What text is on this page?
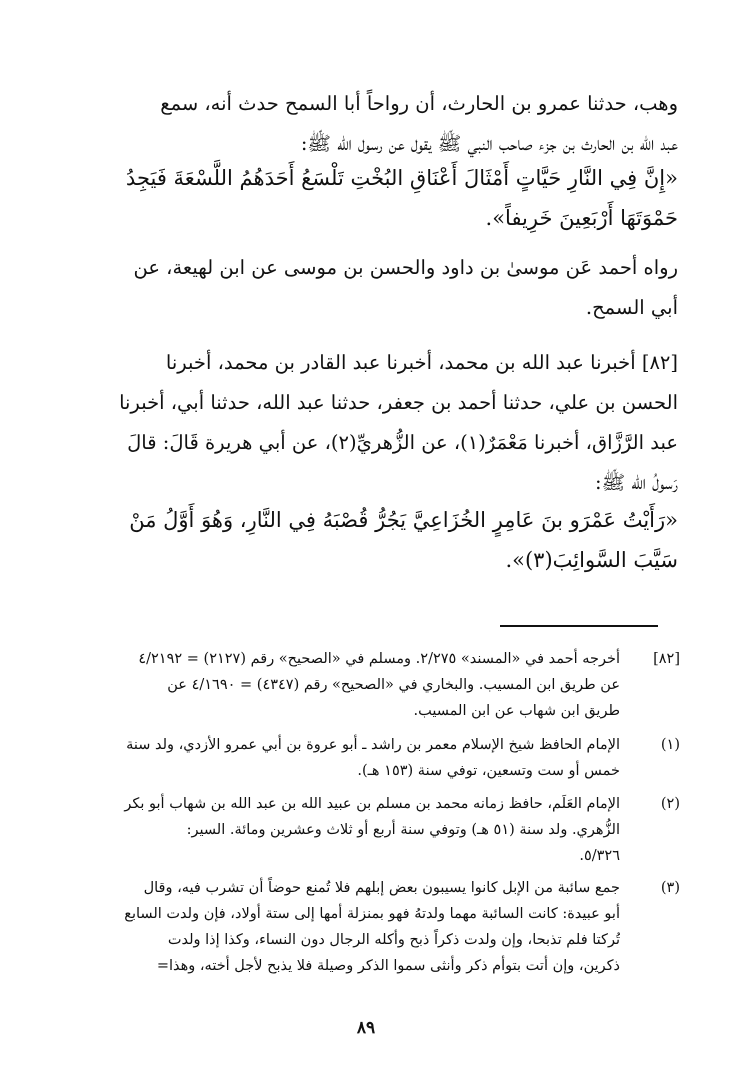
وهب، حدثنا عمرو بن الحارث، أن رواحاً أبا السمح حدث أنه، سمع
عبد الله بن الحارث بن جزء صاحب النبي ﷺ يقول عن رسول الله ﷺ:
«إِنَّ فِي النَّارِ حَيَّاتٍ أَمْثَالَ أَعْنَاقِ البُخْتِ تَلْسَعُ أَحَدَهُمُ اللَّسْعَةَ فَيَجِدُ
حَمْوَتَهَا أَرْبَعِينَ خَرِيفاً».
رواه أحمد عَن موسىٰ بن داود والحسن بن موسى عن ابن لهيعة، عن
أبي السمح.
[٨٢] أخبرنا عبد الله بن محمد، أخبرنا عبد القادر بن محمد، أخبرنا
الحسن بن علي، حدثنا أحمد بن جعفر، حدثنا عبد الله، حدثنا أبي، أخبرنا
عبد الرَّزَّاق، أخبرنا مَعْمَرٌ(١)، عن الزُّهريِّ(٢)، عن أبي هريرة قَالَ: قالَ
رَسولُ الله ﷺ:
«رَأَيْتُ عَمْرَو بنَ عَامِرٍ الخُزَاعِيَّ يَجُرُّ قُصْبَهُ فِي النَّارِ، وَهُوَ أَوَّلُ مَنْ
سَيَّبَ السَّوائِبَ(٣)».
[٨٢]
أخرجه أحمد في «المسند» ٢/٢٧٥. ومسلم في «الصحيح» رقم (٢١٢٧) = ٤/٢١٩٢
عن طريق ابن المسيب. والبخاري في «الصحيح» رقم (٤٣٤٧) = ٤/١٦٩٠ عن
طريق ابن شهاب عن ابن المسيب.
(١)
الإمام الحافظ شيخ الإسلام معمر بن راشد ـ أبو عروة بن أبي عمرو الأزدي، ولد سنة
خمس أو ست وتسعين، توفي سنة (١٥٣ هـ).
(٢)
الإمام العَلَم، حافظ زمانه محمد بن مسلم بن عبيد الله بن عبد الله بن شهاب أبو بكر
الزُّهري. ولد سنة (٥١ هـ) وتوفي سنة أربع أو ثلاث وعشرين ومائة. السير:
٥/٣٢٦.
(٣)
جمع سائبة من الإبل كانوا يسيبون بعض إبلهم فلا تُمنع حوضاً أن تشرب فيه، وقال
أبو عبيدة: كانت السائبة مهما ولدتهُ فهو بمنزلة أمها إلى ستة أولاد، فإن ولدت السابع
تُركتا فلم تذبحا، وإن ولدت ذكراً ذبح وأكله الرجال دون النساء، وكذا إذا ولدت
ذكرين، وإن أتت بتوأم ذكر وأنثى سموا الذكر وصيلة فلا يذبح لأجل أخته، وهذا=
٨٩
